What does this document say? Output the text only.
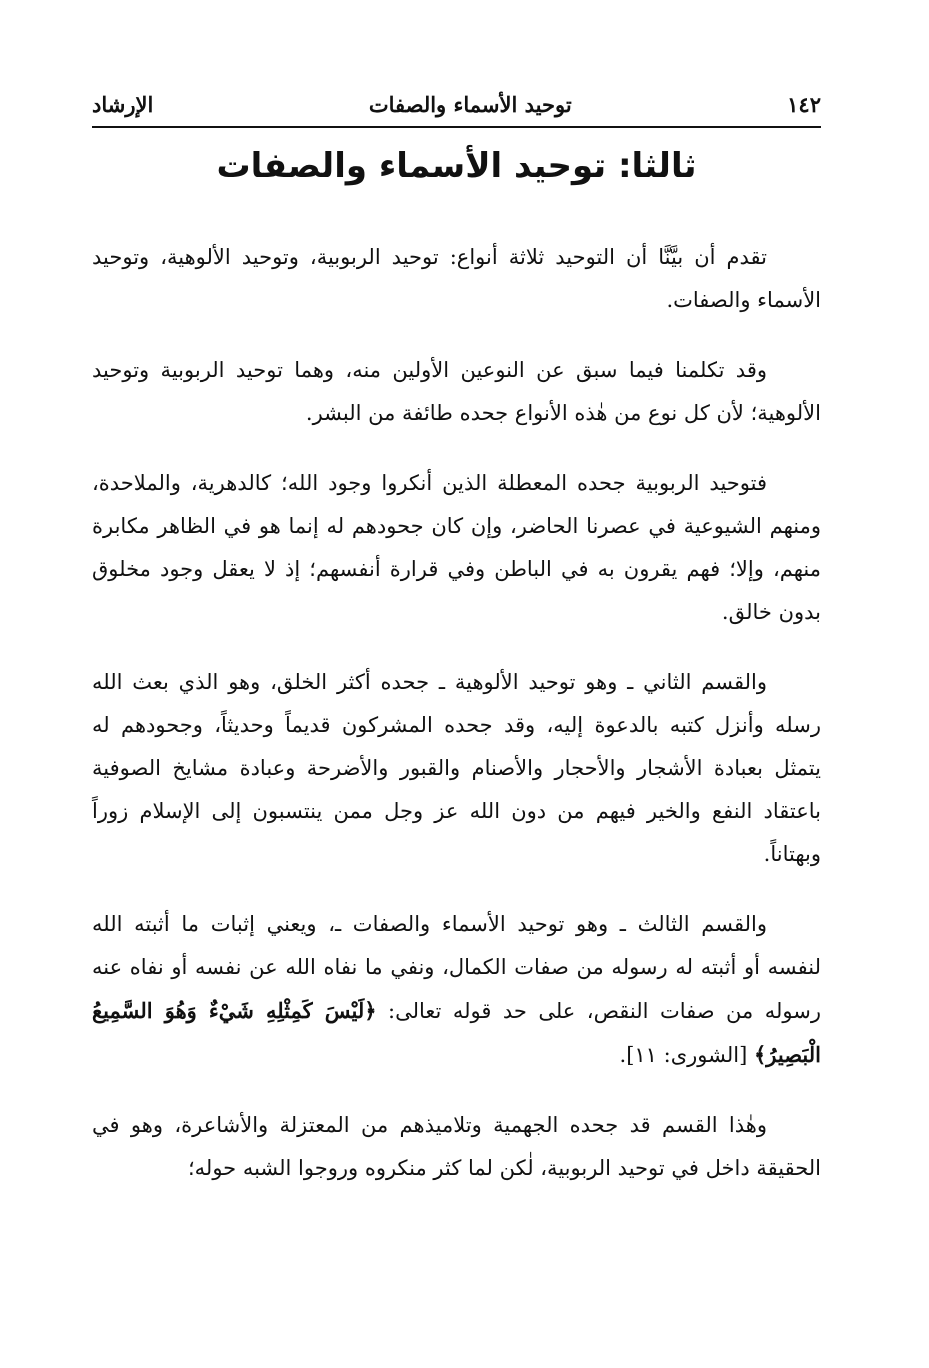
١٤٢
توحيد الأسماء والصفات
الإرشاد
ثالثا: توحيد الأسماء والصفات

تقدم أن بيَّنَّا أن التوحيد ثلاثة أنواع: توحيد الربوبية، وتوحيد الألوهية، وتوحيد الأسماء والصفات.

وقد تكلمنا فيما سبق عن النوعين الأولين منه، وهما توحيد الربوبية وتوحيد الألوهية؛ لأن كل نوع من هٰذه الأنواع جحده طائفة من البشر.

فتوحيد الربوبية جحده المعطلة الذين أنكروا وجود الله؛ كالدهرية، والملاحدة، ومنهم الشيوعية في عصرنا الحاضر، وإن كان جحودهم له إنما هو في الظاهر مكابرة منهم، وإلا؛ فهم يقرون به في الباطن وفي قرارة أنفسهم؛ إذ لا يعقل وجود مخلوق بدون خالق.

والقسم الثاني ـ وهو توحيد الألوهية ـ جحده أكثر الخلق، وهو الذي بعث الله رسله وأنزل كتبه بالدعوة إليه، وقد جحده المشركون قديماً وحديثاً، وجحودهم له يتمثل بعبادة الأشجار والأحجار والأصنام والقبور والأضرحة وعبادة مشايخ الصوفية باعتقاد النفع والخير فيهم من دون الله عز وجل ممن ينتسبون إلى الإسلام زوراً وبهتاناً.

والقسم الثالث ـ وهو توحيد الأسماء والصفات ـ، ويعني إثبات ما أثبته الله لنفسه أو أثبته له رسوله من صفات الكمال، ونفي ما نفاه الله عن نفسه أو نفاه عنه رسوله من صفات النقص، على حد قوله تعالى: ﴿لَيْسَ كَمِثْلِهِ شَيْءٌ وَهُوَ السَّمِيعُ الْبَصِيرُ﴾ [الشورى: ١١].

وهٰذا القسم قد جحده الجهمية وتلاميذهم من المعتزلة والأشاعرة، وهو في الحقيقة داخل في توحيد الربوبية، لٰكن لما كثر منكروه وروجوا الشبه حوله؛
